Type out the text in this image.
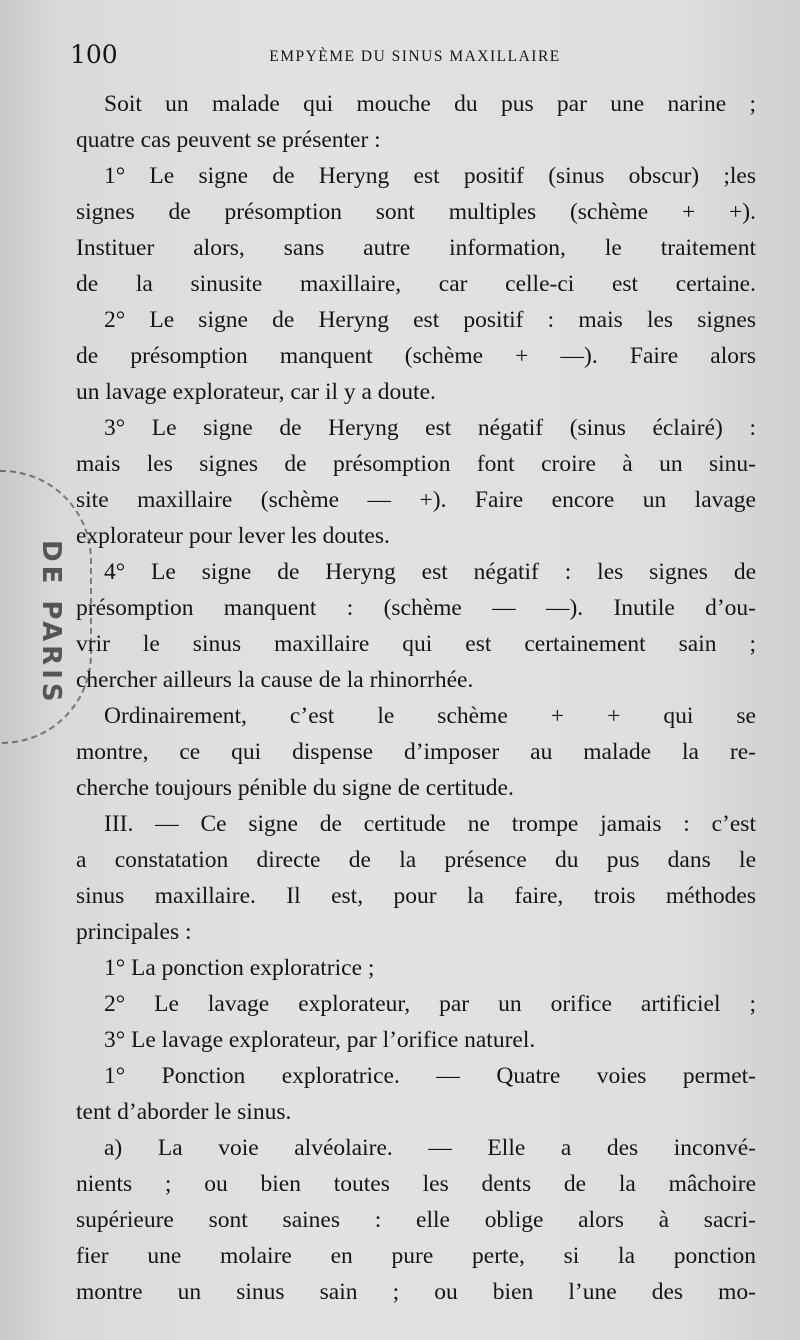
100	EMPYÈME DU SINUS MAXILLAIRE
DE PARIS
Soit un malade qui mouche du pus par une narine ;
quatre cas peuvent se présenter :
1° Le signe de Heryng est positif (sinus obscur) ;les
signes de présomption sont multiples (schème + +).
Instituer alors, sans autre information, le traitement
de la sinusite maxillaire, car celle-ci est certaine.
2° Le signe de Heryng est positif : mais les signes
de présomption manquent (schème + —). Faire alors
un lavage explorateur, car il y a doute.
3° Le signe de Heryng est négatif (sinus éclairé) :
mais les signes de présomption font croire à un sinu-
site maxillaire (schème — +). Faire encore un lavage
explorateur pour lever les doutes.
4° Le signe de Heryng est négatif : les signes de
présomption manquent : (schème — —). Inutile d’ou-
vrir le sinus maxillaire qui est certainement sain ;
chercher ailleurs la cause de la rhinorrhée.
Ordinairement, c’est le schème + + qui se
montre, ce qui dispense d’imposer au malade la re-
cherche toujours pénible du signe de certitude.
III. — Ce signe de certitude ne trompe jamais : c’est
a constatation directe de la présence du pus dans le
sinus maxillaire. Il est, pour la faire, trois méthodes
principales :
1° La ponction exploratrice ;
2° Le lavage explorateur, par un orifice artificiel ;
3° Le lavage explorateur, par l’orifice naturel.
1° Ponction exploratrice. — Quatre voies permet-
tent d’aborder le sinus.
a) La voie alvéolaire. — Elle a des inconvé-
nients ; ou bien toutes les dents de la mâchoire
supérieure sont saines : elle oblige alors à sacri-
fier une molaire en pure perte, si la ponction
montre un sinus sain ; ou bien l’une des mo-
